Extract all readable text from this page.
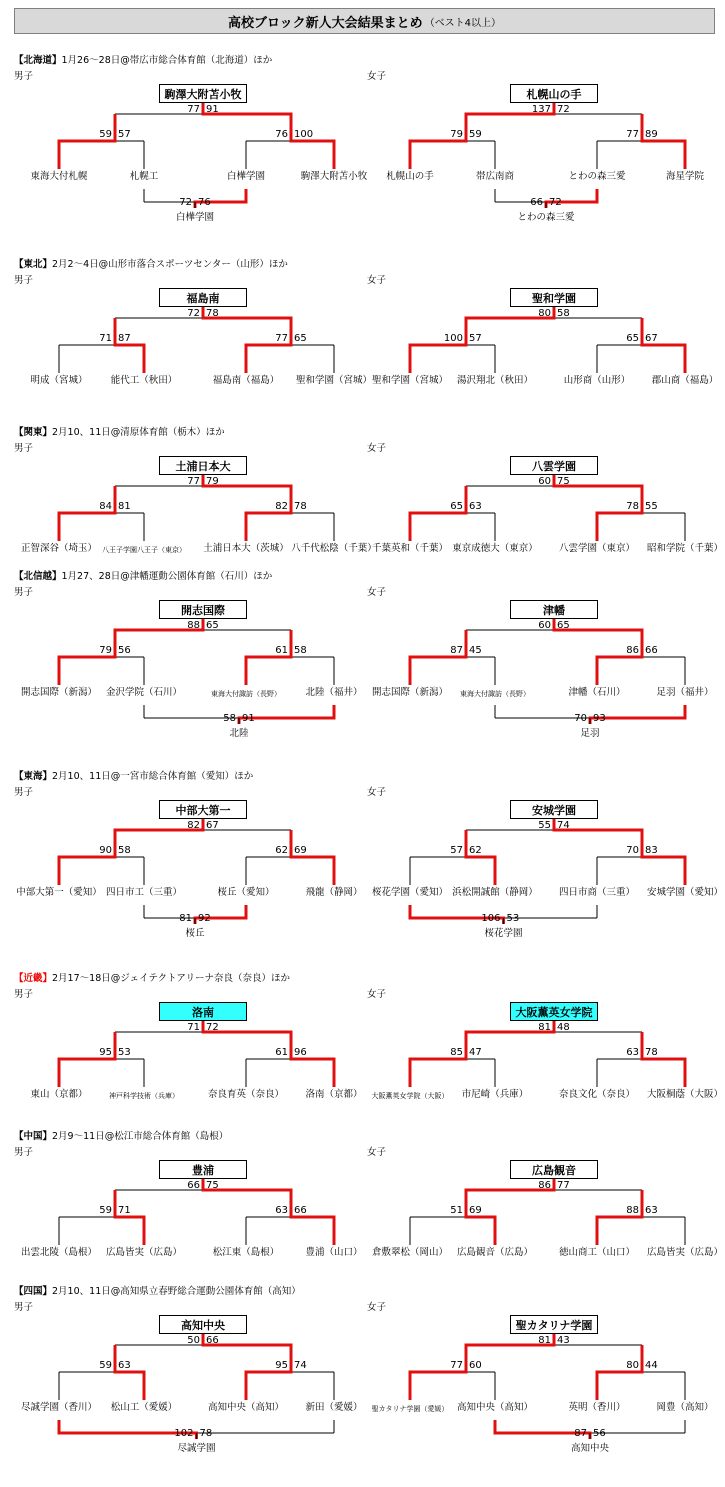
高校ブロック新人大会結果まとめ （ベスト4以上）
【北海道】1月26〜28日@帯広市総合体育館（北海道）ほか
男子
72 76
白樺学園
駒澤大附苫小牧
77 91
59 57	76 100
東海大付札幌	札幌工	白樺学園	駒澤大附苫小牧
女子
66 72
とわの森三愛
札幌山の手
137 72
79 59	77 89
札幌山の手	帯広南商	とわの森三愛	海星学院
【東北】2月2〜4日@山形市落合スポーツセンター（山形）ほか
男子
福島南
72 78
71 87	77 65
明成（宮城） 能代工（秋田）	福島南（福島） 聖和学園（宮城）
女子
聖和学園
80 58
100 57	65 67
聖和学園（宮城） 湯沢翔北（秋田）	山形商（山形） 郡山商（福島）
【関東】2月10、11日@清原体育館（栃木）ほか
男子
土浦日本大
77 79
84 81	82 78
正智深谷（埼玉） 八王子学園八王子（東京） 土浦日本大（茨城） 八千代松陰（千葉）
女子
八雲学園
60 75
65 63	78 55
千葉英和（千葉） 東京成徳大（東京） 八雲学園（東京） 昭和学院（千葉）
【北信越】1月27、28日@津幡運動公園体育館（石川）ほか
男子
58 91
北陸
開志国際
88 65
79 56	61 58
開志国際（新潟） 金沢学院（石川）	東海大付諏訪（長野）	北陸（福井）
女子
70 93
足羽
津幡
60 65
87 45	86 66
開志国際（新潟） 東海大付諏訪（長野）	津幡（石川）	足羽（福井）
【東海】2月10、11日@一宮市総合体育館（愛知）ほか
男子
81 92
桜丘
中部大第一
82 67
90 58	62 69
中部大第一（愛知） 四日市工（三重）	桜丘（愛知）	飛龍（静岡）
女子
106 53
桜花学園
安城学園
55 74
57 62	70 83
桜花学園（愛知） 浜松開誠館（静岡） 四日市商（三重） 安城学園（愛知）
【近畿】2月17〜18日@ジェイテクトアリーナ奈良（奈良）ほか
男子
洛南
71 72
95 53	61 96
東山（京都）	神戸科学技術（兵庫）	奈良育英（奈良） 洛南（京都）
女子
大阪薫英女学院
81 48
85 47	63 78
大阪薫英女学院（大阪） 市尼崎（兵庫）	奈良文化（奈良） 大阪桐蔭（大阪）
【中国】2月9〜11日@松江市総合体育館（島根）
男子
豊浦
66 75
59 71	63 66
出雲北陵（島根） 広島皆実（広島）	松江東（島根）	豊浦（山口）
女子
広島観音
86 77
51 69	88 63
倉敷翠松（岡山） 広島観音（広島）	徳山商工（山口） 広島皆実（広島）
【四国】2月10、11日@高知県立春野総合運動公園体育館（高知）
男子
102 78
尽誠学園
高知中央
50 66
59 63	95 74
尽誠学園（香川） 松山工（愛媛）	高知中央（高知） 新田（愛媛）
女子
87 56
高知中央
聖カタリナ学園
81 43
77 60	80 44
聖カタリナ学園（愛媛） 高知中央（高知）	英明（香川）	岡豊（高知）
